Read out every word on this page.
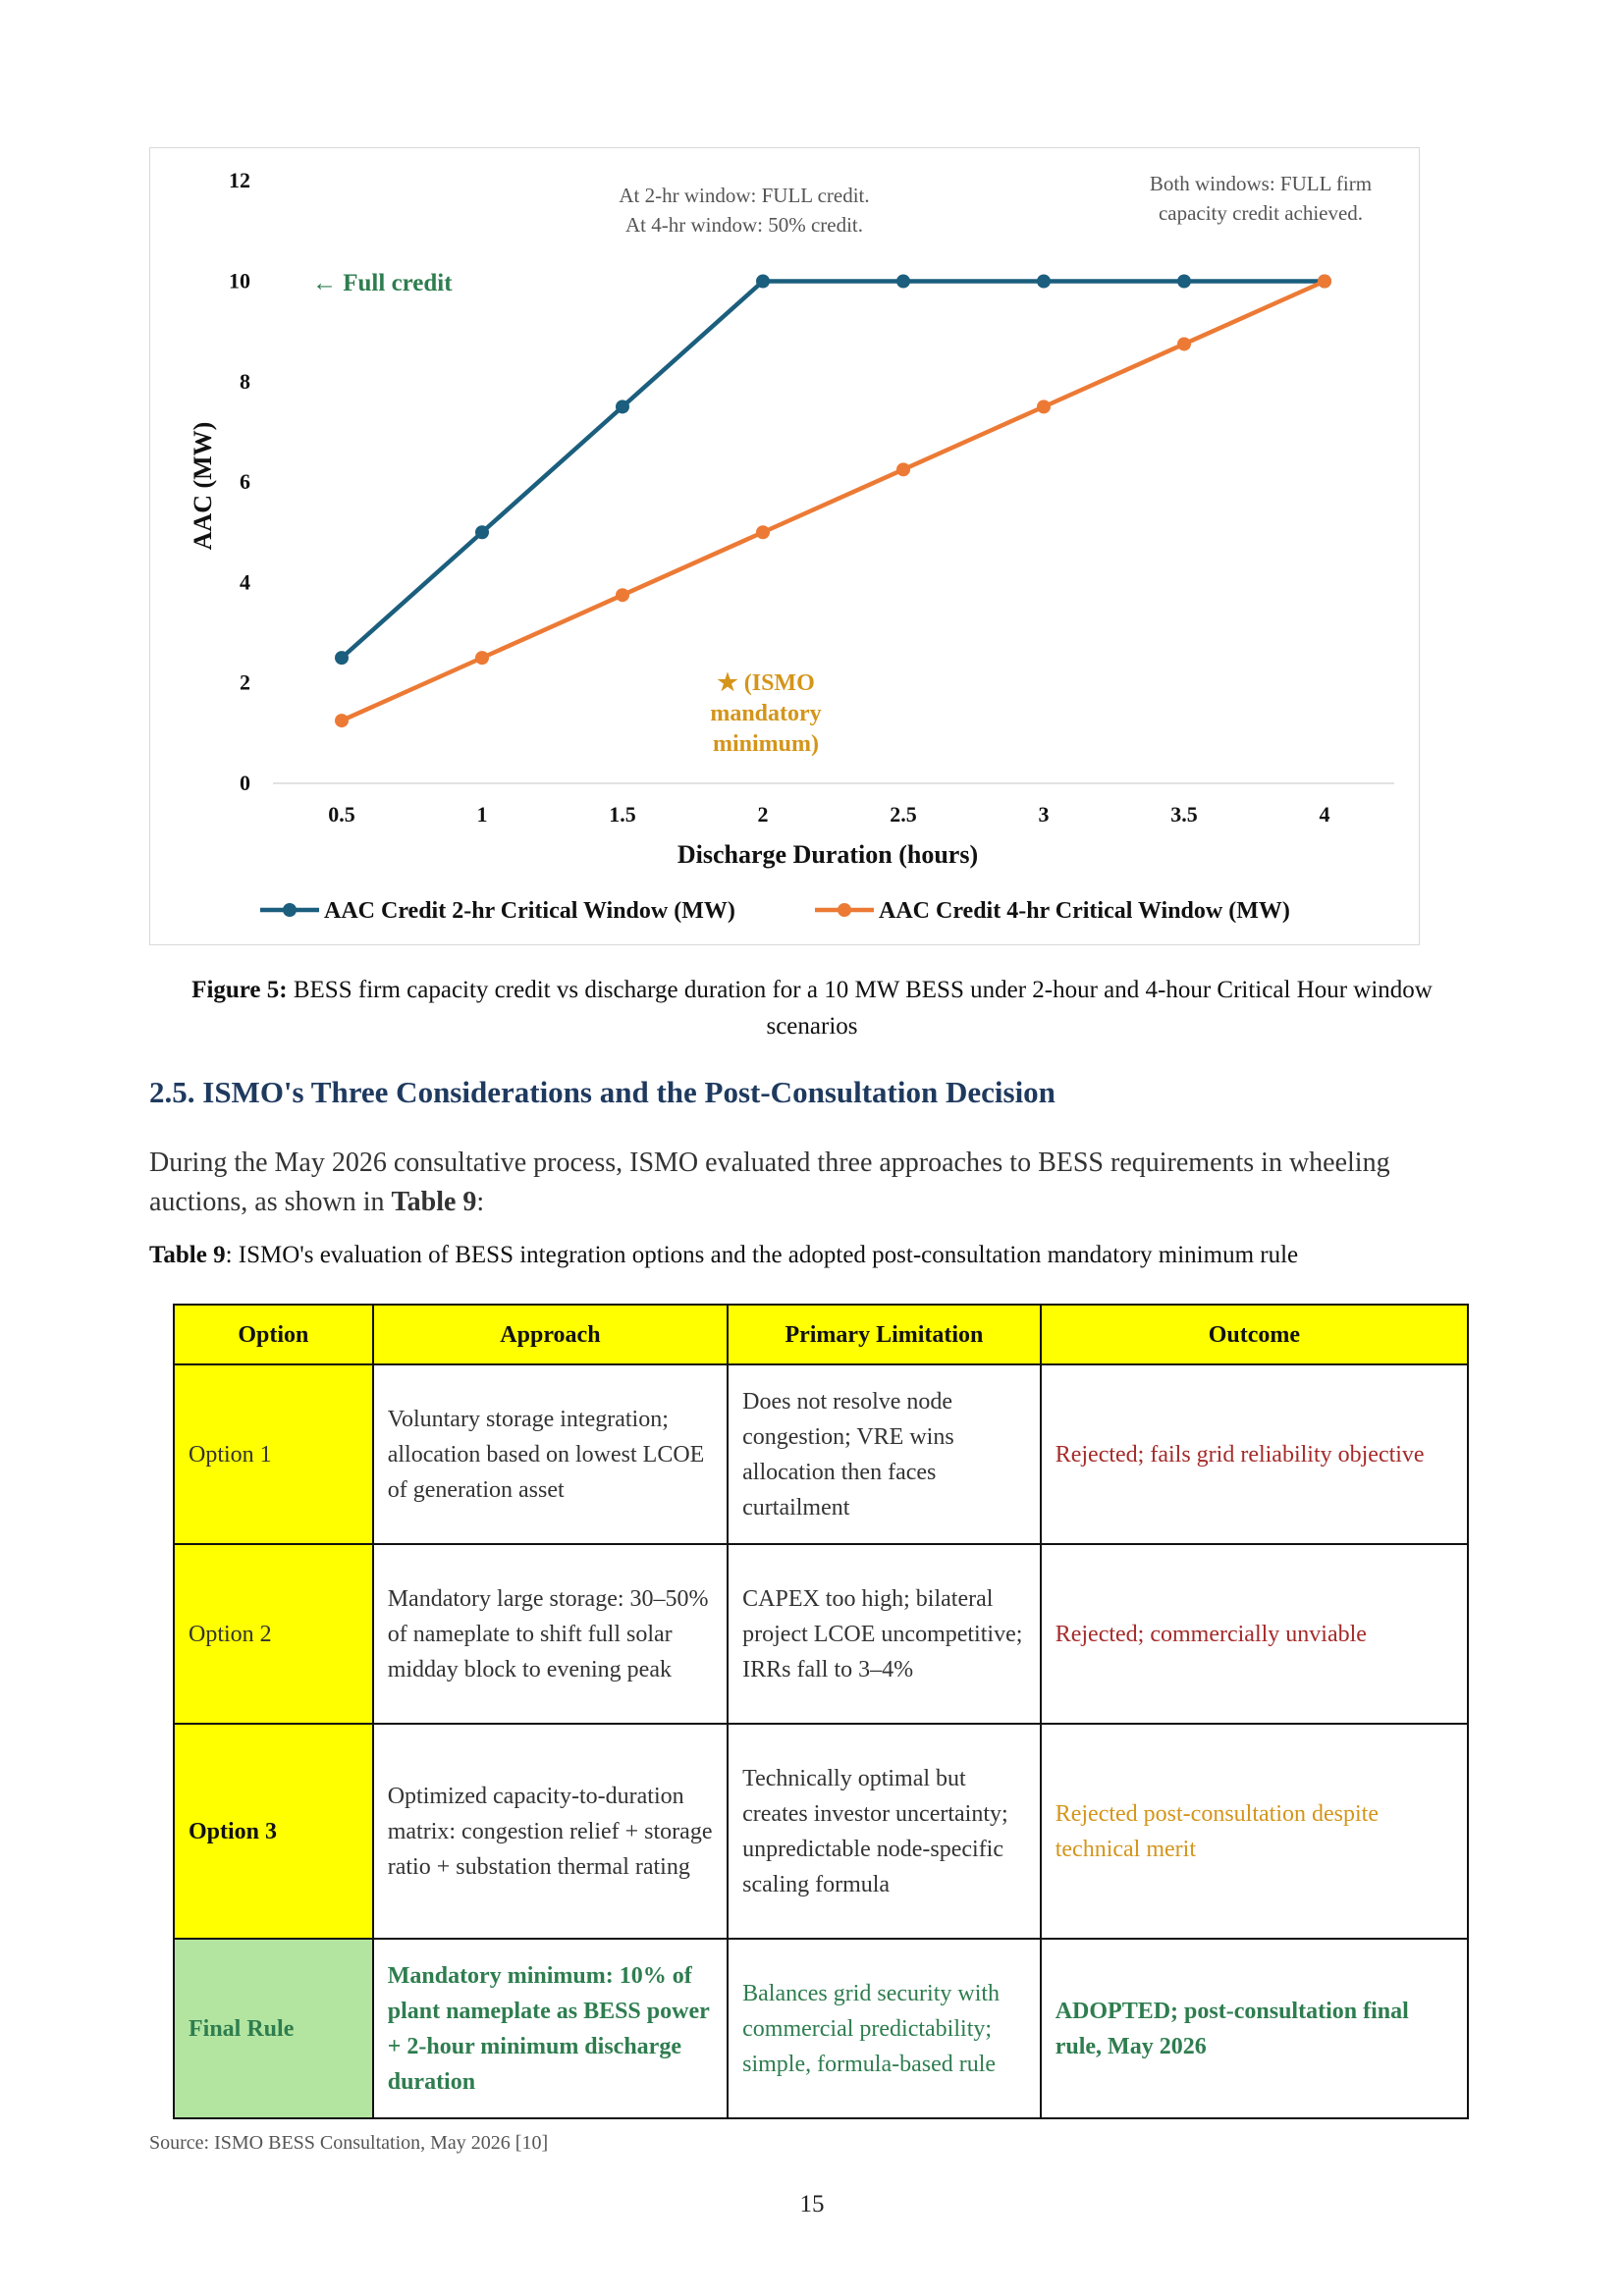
0
2
4
6
8
10
12
0.5	1	1.5	2	2.5	3	3.5	4
Discharge Duration (hours)
AAC (MW)
AAC Credit 2-hr Critical Window (MW)	AAC Credit 4-hr Critical Window (MW)
← Full credit
At 2-hr window: FULL credit.
At 4-hr window: 50% credit.
Both windows: FULL firm
capacity credit achieved.
★ (ISMO
mandatory
minimum)
Figure 5: BESS firm capacity credit vs discharge duration for a 10 MW BESS under 2-hour and 4-hour Critical Hour window scenarios
2.5. ISMO's Three Considerations and the Post-Consultation Decision

During the May 2026 consultative process, ISMO evaluated three approaches to BESS requirements in wheeling auctions, as shown in Table 9:

Table 9: ISMO's evaluation of BESS integration options and the adopted post-consultation mandatory minimum rule
Option	Approach	Primary Limitation	Outcome
Option 1	Voluntary storage integration; allocation based on lowest LCOE of generation asset	Does not resolve node congestion; VRE wins allocation then faces curtailment	Rejected; fails grid reliability objective
Option 2	Mandatory large storage: 30–50% of nameplate to shift full solar midday block to evening peak	CAPEX too high; bilateral project LCOE uncompetitive; IRRs fall to 3–4%	Rejected; commercially unviable
Option 3	Optimized capacity-to-duration matrix: congestion relief + storage ratio + substation thermal rating	Technically optimal but creates investor uncertainty; unpredictable node-specific scaling formula	Rejected post-consultation despite technical merit
Final Rule	Mandatory minimum: 10% of plant nameplate as BESS power + 2-hour minimum discharge duration	Balances grid security with commercial predictability; simple, formula-based rule	ADOPTED; post-consultation final rule, May 2026
Source: ISMO BESS Consultation, May 2026 [10]
15
